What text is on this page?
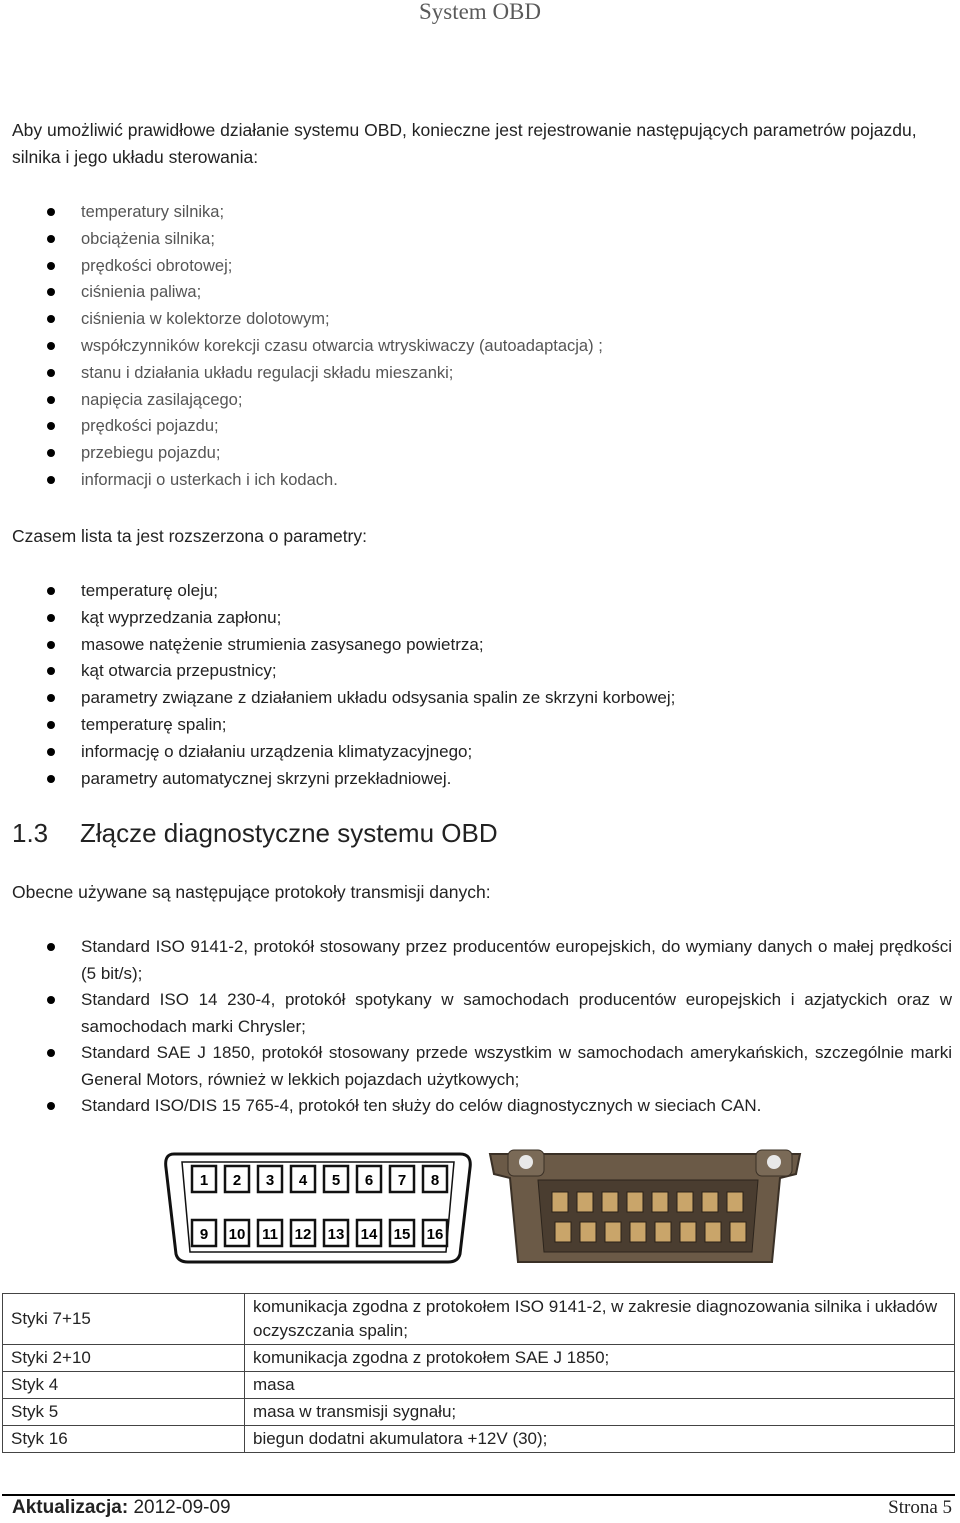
System OBD

Aby umożliwić prawidłowe działanie systemu OBD, konieczne jest rejestrowanie następujących parametrów pojazdu, silnika i jego układu sterowania:

temperatury silnika;
obciążenia silnika;
prędkości obrotowej;
ciśnienia paliwa;
ciśnienia w kolektorze dolotowym;
współczynników korekcji czasu otwarcia wtryskiwaczy (autoadaptacja) ;
stanu i działania układu regulacji składu mieszanki;
napięcia zasilającego;
prędkości pojazdu;
przebiegu pojazdu;
informacji o usterkach i ich kodach.

Czasem lista ta jest rozszerzona o parametry:

temperaturę oleju;
kąt wyprzedzania zapłonu;
masowe natężenie strumienia zasysanego powietrza;
kąt otwarcia przepustnicy;
parametry związane z działaniem układu odsysania spalin ze skrzyni korbowej;
temperaturę spalin;
informację o działaniu urządzenia klimatyzacyjnego;
parametry automatycznej skrzyni przekładniowej.
1.3 Złącze diagnostyczne systemu OBD

Obecne używane są następujące protokoły transmisji danych:

Standard ISO 9141-2, protokół stosowany przez producentów europejskich, do wymiany danych o małej prędkości (5 bit/s);
Standard ISO 14 230-4, protokół spotykany w samochodach producentów europejskich i azjatyckich oraz w samochodach marki Chrysler;
Standard SAE J 1850, protokół stosowany przede wszystkim w samochodach amerykańskich, szczególnie marki General Motors, również w lekkich pojazdach użytkowych;
Standard ISO/DIS 15 765-4, protokół ten służy do celów diagnostycznych w sieciach CAN.
1 2 3 4 5 6 7 8
9 10 11 12 13 14 15 16
Styki 7+15	komunikacja zgodna z protokołem ISO 9141-2, w zakresie diagnozowania silnika i układów oczyszczania spalin;
Styki 2+10	komunikacja zgodna z protokołem SAE J 1850;
Styk 4	masa
Styk 5	masa w transmisji sygnału;
Styk 16	biegun dodatni akumulatora +12V (30);
Aktualizacja: 2012-09-09	Strona 5
